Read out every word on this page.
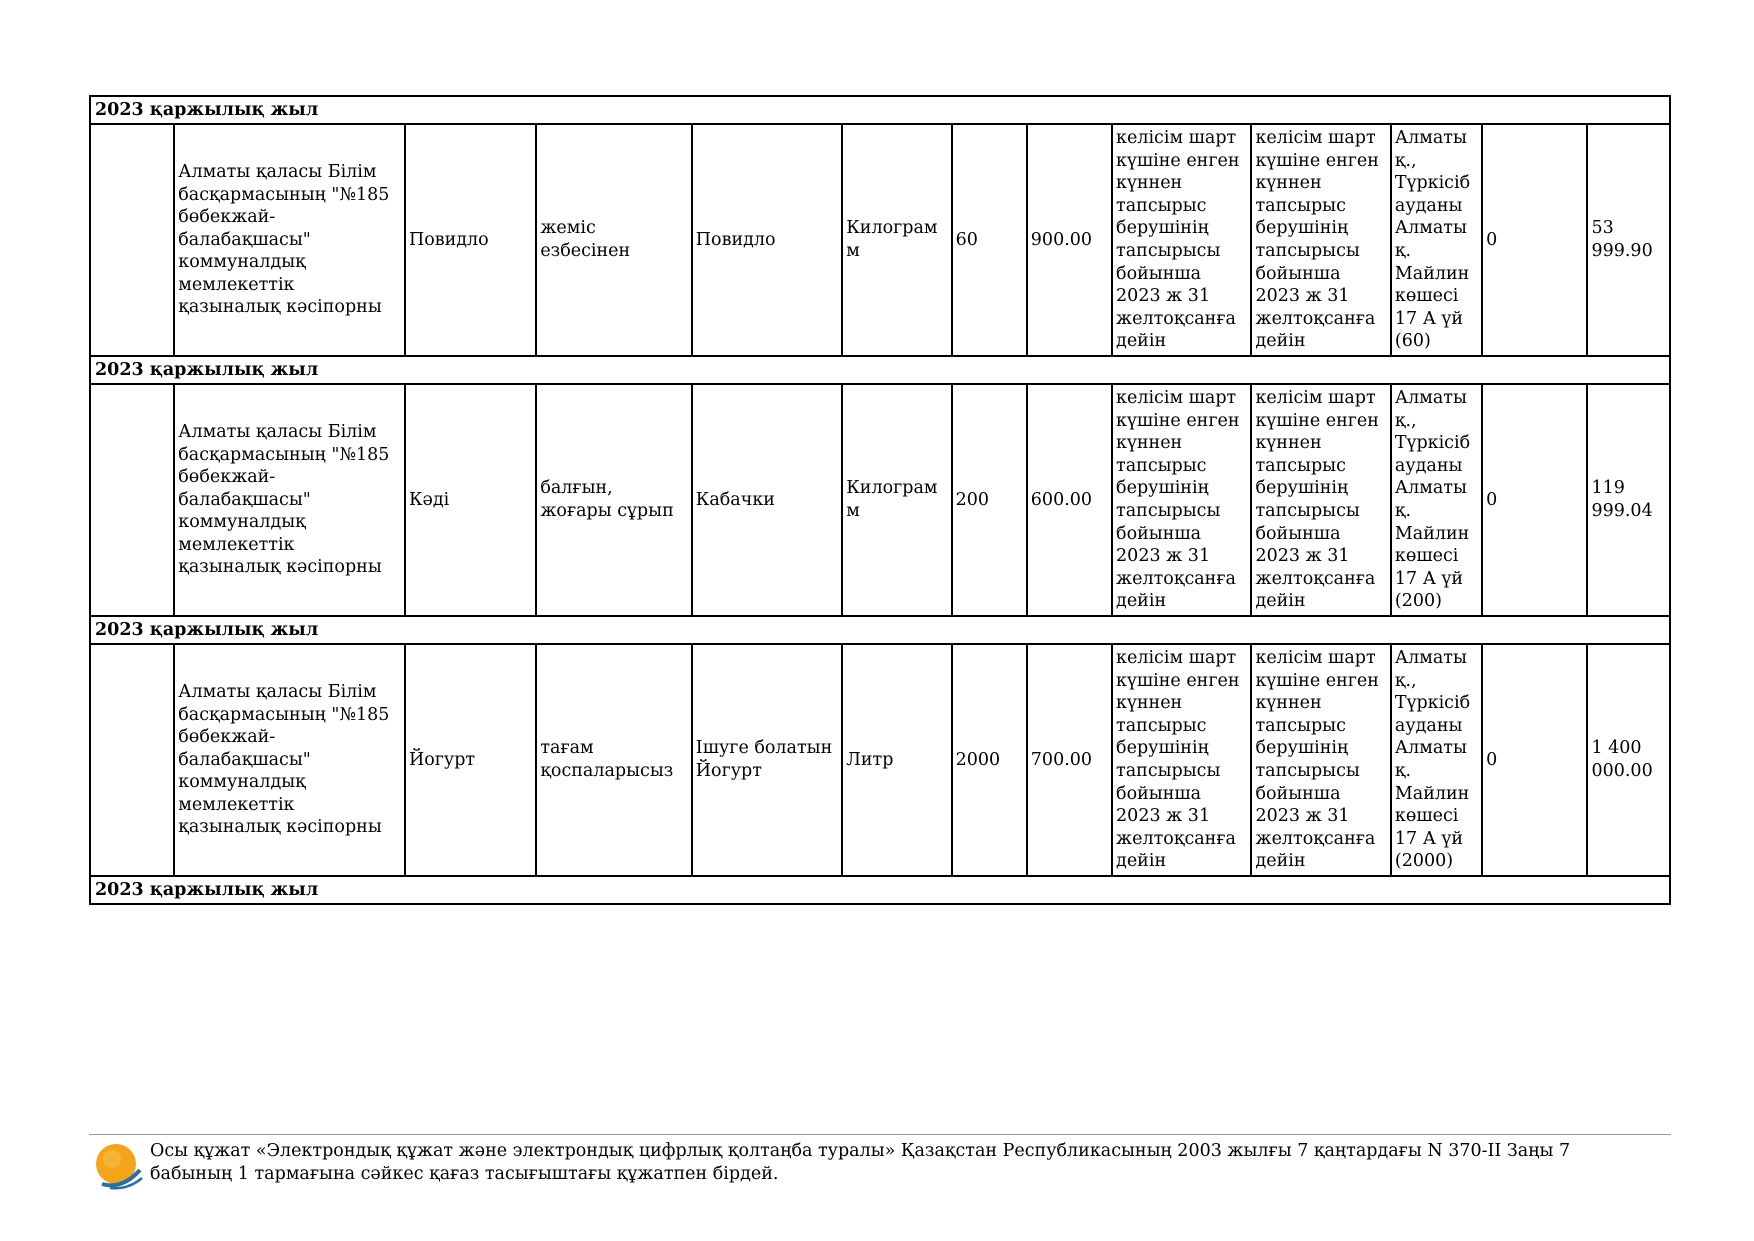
2023 қаржылық жыл												
	Алматы қаласы Білім басқармасының "№185 бөбекжай-балабақшасы" коммуналдық мемлекеттік қазыналық кәсіпорны	Повидло	жеміс езбесінен	Повидло	Килограмм	60	900.00	келісім шарт күшіне енген күннен тапсырыс берушінің тапсырысы бойынша 2023 ж 31 желтоқсанға дейін	келісім шарт күшіне енген күннен тапсырыс берушінің тапсырысы бойынша 2023 ж 31 желтоқсанға дейін	Алматы қ., Түркісіб ауданы Алматы қ. Майлин көшесі 17 А үй (60)	0	53 999.90
2023 қаржылық жыл												
	Алматы қаласы Білім басқармасының "№185 бөбекжай-балабақшасы" коммуналдық мемлекеттік қазыналық кәсіпорны	Кәді	балғын, жоғары сұрып	Кабачки	Килограмм	200	600.00	келісім шарт күшіне енген күннен тапсырыс берушінің тапсырысы бойынша 2023 ж 31 желтоқсанға дейін	келісім шарт күшіне енген күннен тапсырыс берушінің тапсырысы бойынша 2023 ж 31 желтоқсанға дейін	Алматы қ., Түркісіб ауданы Алматы қ. Майлин көшесі 17 А үй (200)	0	119 999.04
2023 қаржылық жыл												
	Алматы қаласы Білім басқармасының "№185 бөбекжай-балабақшасы" коммуналдық мемлекеттік қазыналық кәсіпорны	Йогурт	тағам қоспаларысыз	Ішуге болатын Йогурт	Литр	2000	700.00	келісім шарт күшіне енген күннен тапсырыс берушінің тапсырысы бойынша 2023 ж 31 желтоқсанға дейін	келісім шарт күшіне енген күннен тапсырыс берушінің тапсырысы бойынша 2023 ж 31 желтоқсанға дейін	Алматы қ., Түркісіб ауданы Алматы қ. Майлин көшесі 17 А үй (2000)	0	1 400 000.00
2023 қаржылық жыл												
Осы құжат «Электрондық құжат және электрондық цифрлық қолтаңба туралы» Қазақстан Республикасының 2003 жылғы 7 қаңтардағы N 370-II Заңы 7 бабының 1 тармағына сәйкес қағаз тасығыштағы құжатпен бірдей.
